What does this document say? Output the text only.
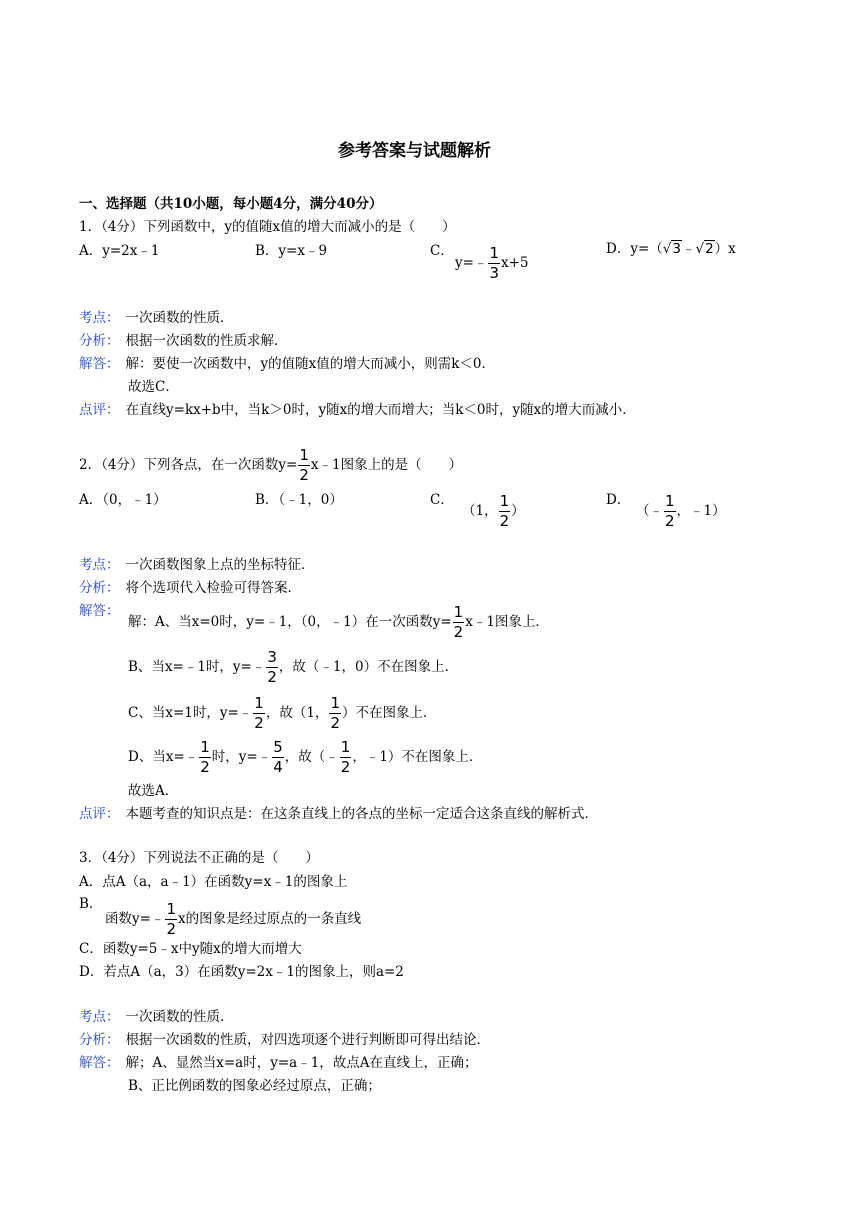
参考答案与试题解析
一、选择题（共10小题，每小题4分，满分40分）
1．（4分）下列函数中，y的值随x值的增大而减小的是（　　）
A．y=2x﹣1	B．y=x﹣9	C．
y=﹣ $\frac{1}{3} x+5$
D．y=（√3﹣√2）x
考点： 一次函数的性质．
分析： 根据一次函数的性质求解．
解答： 解：要使一次函数中，y的值随x值的增大而减小，则需k＜0．
故选C．
点评： 在直线y=kx+b中，当k＞0时，y随x的增大而增大；当k＜0时，y随x的增大而减小．
2．（4分）下列各点，在一次函数$y= \frac{1}{2}$ x﹣1图象上的是（　　）
A．（0，﹣1）	B．（﹣1，0）	C．
（1， $\frac{1}{2}$ ）
D．
（﹣ $\frac{1}{2}$ ，﹣1）
考点： 一次函数图象上点的坐标特征．
分析： 将个选项代入检验可得答案．
解答：
解：A、当x=0时，y=﹣1，（0，﹣1）在一次函数$y= \frac{1}{2}$ x﹣1图象上．
B、当x=﹣1时，y=﹣ $\frac{3}{2}$ ，故（﹣1，0）不在图象上．
C、当x=1时，y=﹣ $\frac{1}{2}$ ，故（1， $\frac{1}{2}$ ）不在图象上．
D、当x=﹣ $\frac{1}{2}$ 时，y=﹣ $\frac{5}{4}$ ，故（﹣ $\frac{1}{2}$ ，﹣1）不在图象上．
故选A．
点评： 本题考查的知识点是：在这条直线上的各点的坐标一定适合这条直线的解析式．
3．（4分）下列说法不正确的是（　　）
A．点A（a，a﹣1）在函数y=x﹣1的图象上
B．
函数y=﹣ $\frac{1}{2}$ x的图象是经过原点的一条直线
C．函数y=5﹣x中y随x的增大而增大
D．若点A（a，3）在函数y=2x﹣1的图象上，则a=2
考点： 一次函数的性质．
分析： 根据一次函数的性质，对四选项逐个进行判断即可得出结论．
解答： 解；A、显然当x=a时，y=a﹣1，故点A在直线上，正确；
B、正比例函数的图象必经过原点，正确；
